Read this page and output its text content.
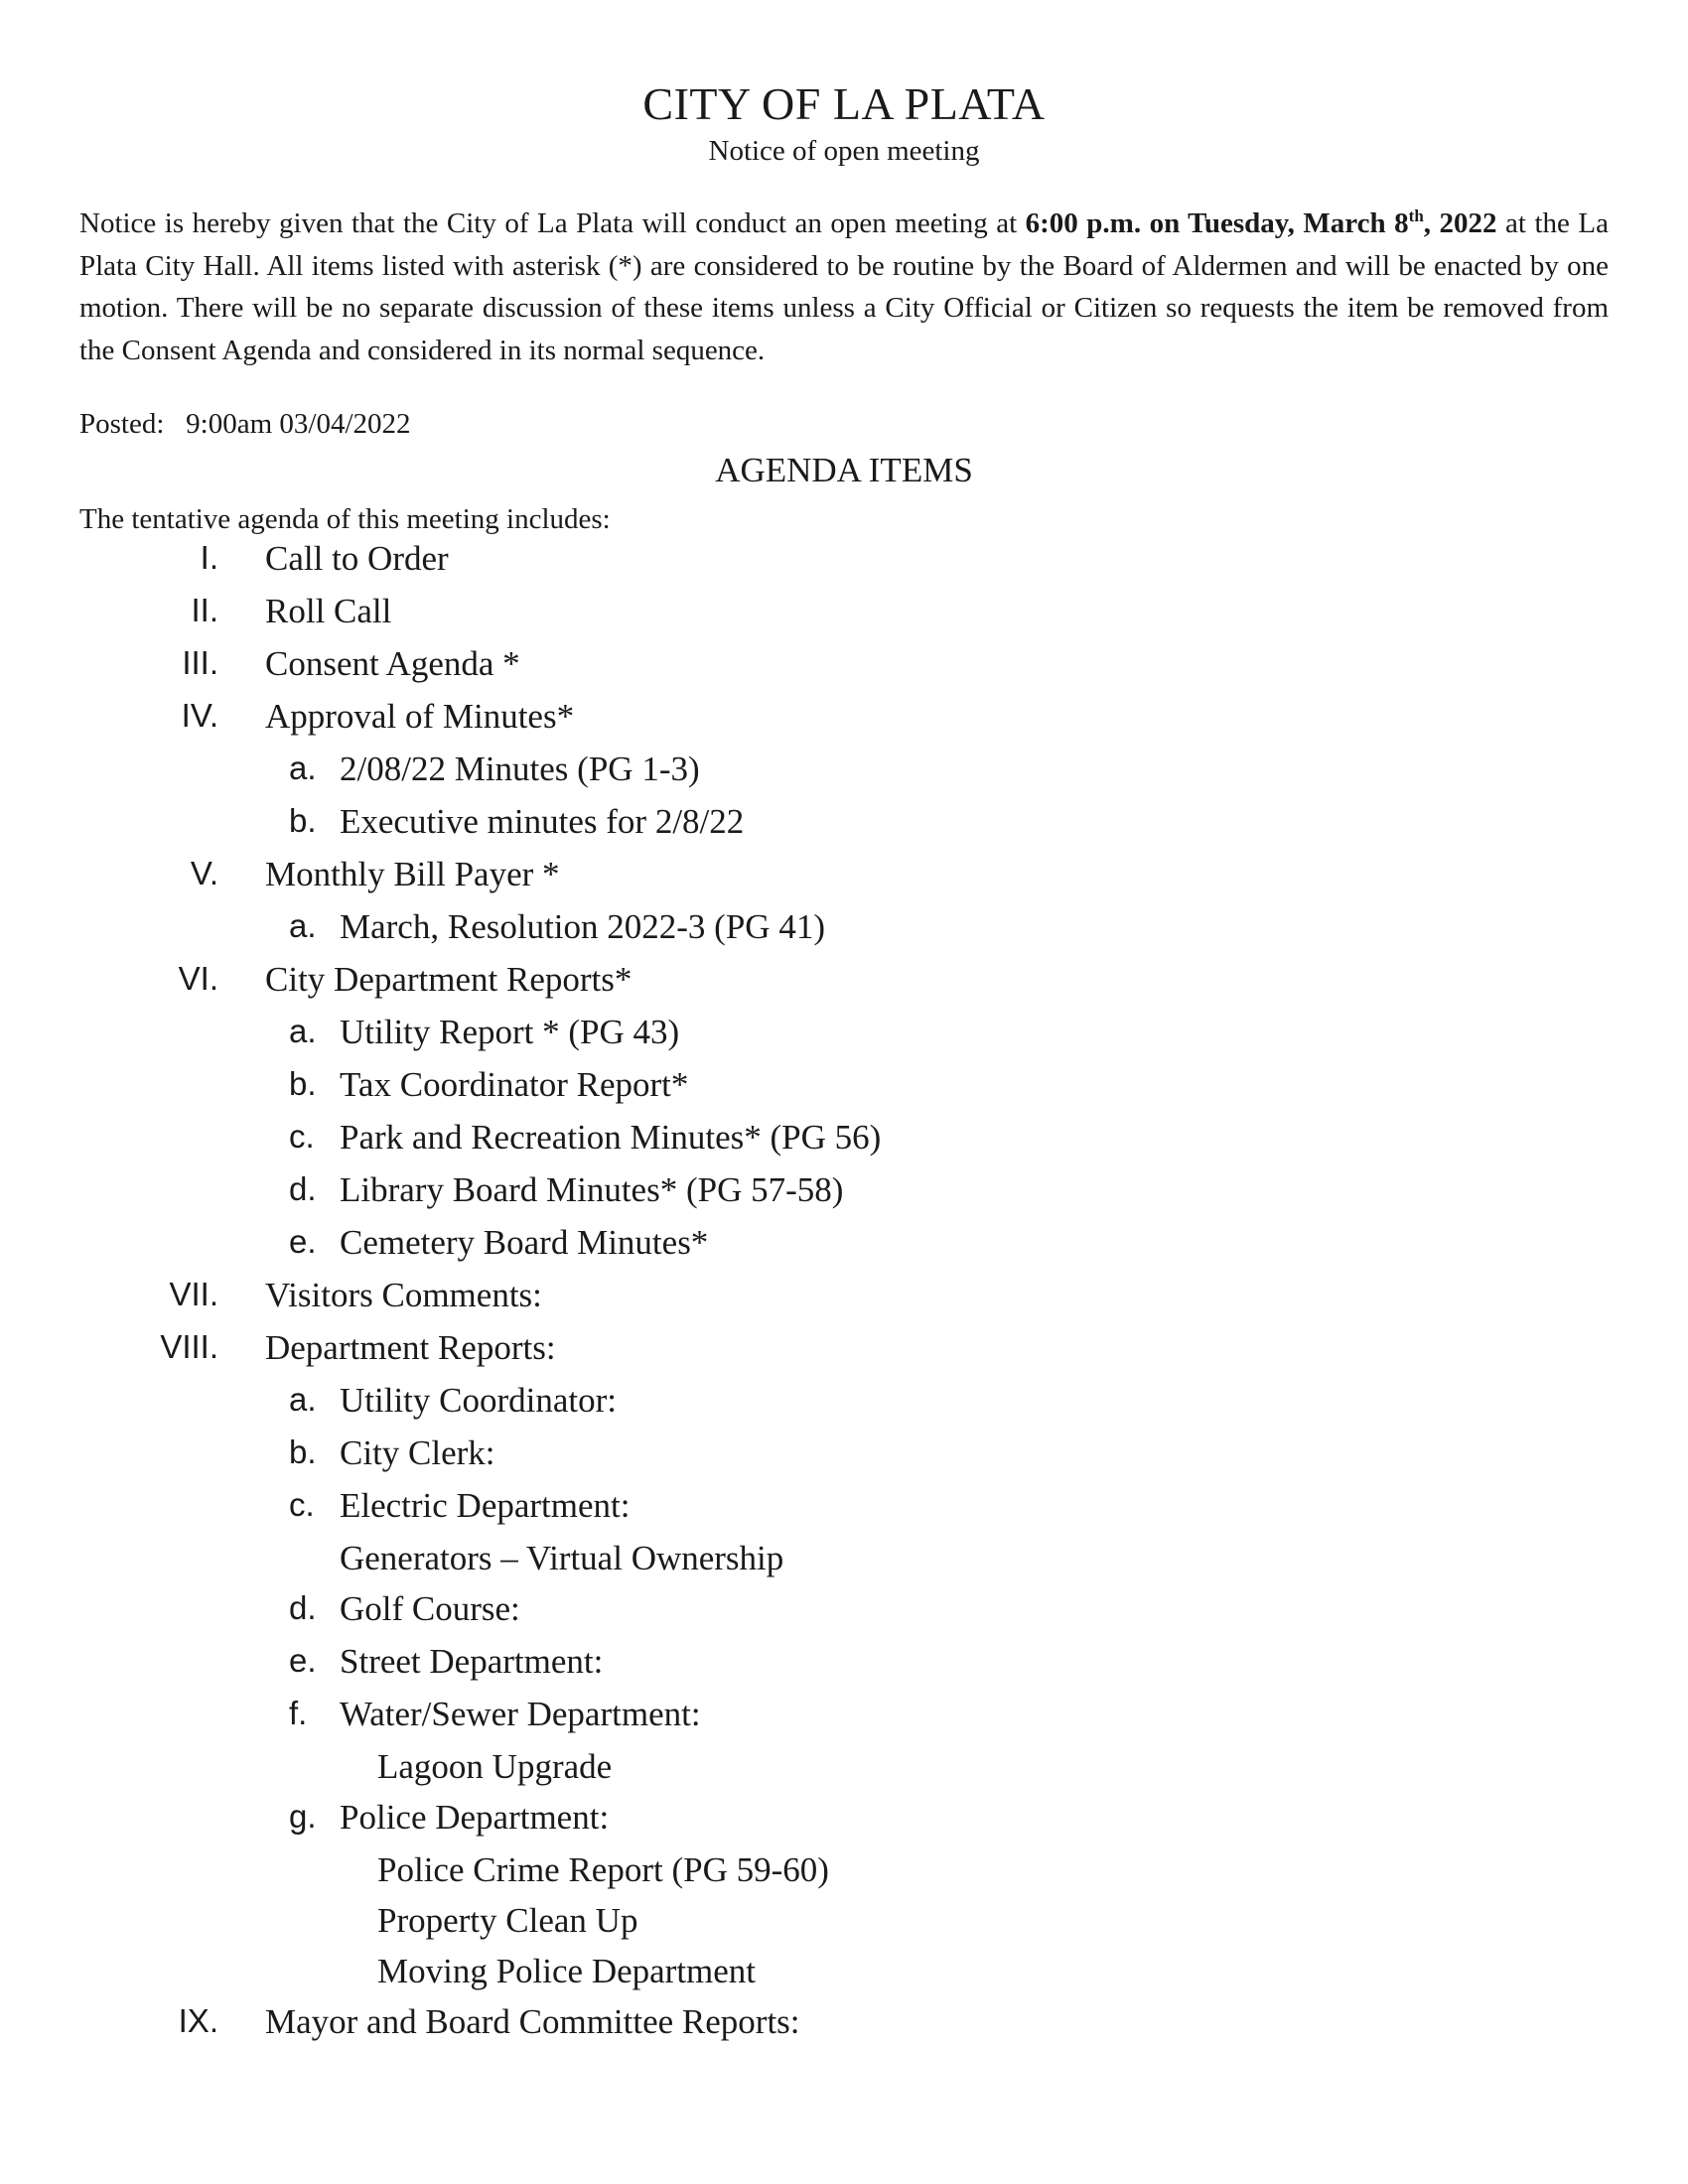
CITY OF LA PLATA
Notice of open meeting
Notice is hereby given that the City of La Plata will conduct an open meeting at 6:00 p.m. on Tuesday, March 8th, 2022 at the La Plata City Hall. All items listed with asterisk (*) are considered to be routine by the Board of Aldermen and will be enacted by one motion. There will be no separate discussion of these items unless a City Official or Citizen so requests the item be removed from the Consent Agenda and considered in its normal sequence.
Posted: 9:00am 03/04/2022
AGENDA ITEMS
The tentative agenda of this meeting includes:
I. Call to Order
II. Roll Call
III. Consent Agenda *
IV. Approval of Minutes*
a. 2/08/22 Minutes (PG 1-3)
b. Executive minutes for 2/8/22
V. Monthly Bill Payer *
a. March, Resolution 2022-3 (PG 41)
VI. City Department Reports*
a. Utility Report * (PG 43)
b. Tax Coordinator Report*
c. Park and Recreation Minutes* (PG 56)
d. Library Board Minutes* (PG 57-58)
e. Cemetery Board Minutes*
VII. Visitors Comments:
VIII. Department Reports:
a. Utility Coordinator:
b. City Clerk:
c. Electric Department:
Generators – Virtual Ownership
d. Golf Course:
e. Street Department:
f. Water/Sewer Department:
Lagoon Upgrade
g. Police Department:
Police Crime Report (PG 59-60)
Property Clean Up
Moving Police Department
IX. Mayor and Board Committee Reports:
